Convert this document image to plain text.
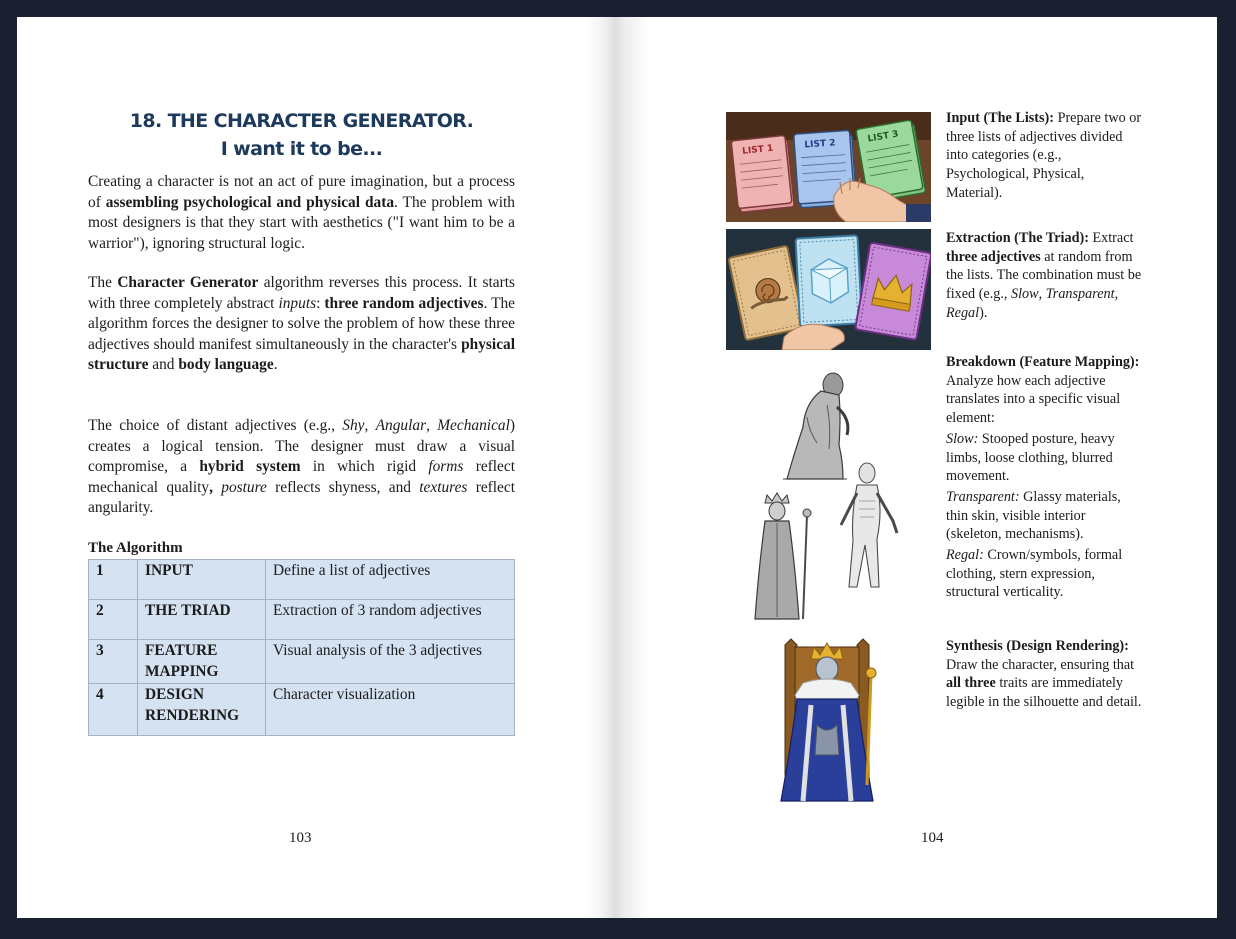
18. THE CHARACTER GENERATOR.
I want it to be...

Creating a character is not an act of pure imagination, but a process of assembling psychological and physical data. The problem with most designers is that they start with aesthetics ("I want him to be a warrior"), ignoring structural logic.

The Character Generator algorithm reverses this process. It starts with three completely abstract inputs: three random adjectives. The algorithm forces the designer to solve the problem of how these three adjectives should manifest simultaneously in the character's physical structure and body language.

The choice of distant adjectives (e.g., Shy, Angular, Mechanical) creates a logical tension. The designer must draw a visual compromise, a hybrid system in which rigid forms reflect mechanical quality, posture reflects shyness, and textures reflect angularity.

The Algorithm
1	INPUT	Define a list of adjectives
2	THE TRIAD	Extraction of 3 random adjectives
3	FEATURE MAPPING	Visual analysis of the 3 adjectives
4	DESIGN RENDERING	Character visualization
103
LIST 1	LIST 2	LIST 3
Input (The Lists): Prepare two or three lists of adjectives divided into categories (e.g., Psychological, Physical, Material).
Extraction (The Triad): Extract three adjectives at random from the lists. The combination must be fixed (e.g., Slow, Transparent, Regal).
Breakdown (Feature Mapping): Analyze how each adjective translates into a specific visual element:
Slow: Stooped posture, heavy limbs, loose clothing, blurred movement.
Transparent: Glassy materials, thin skin, visible interior (skeleton, mechanisms).
Regal: Crown/symbols, formal clothing, stern expression, structural verticality.
Synthesis (Design Rendering): Draw the character, ensuring that all three traits are immediately legible in the silhouette and detail.
104
